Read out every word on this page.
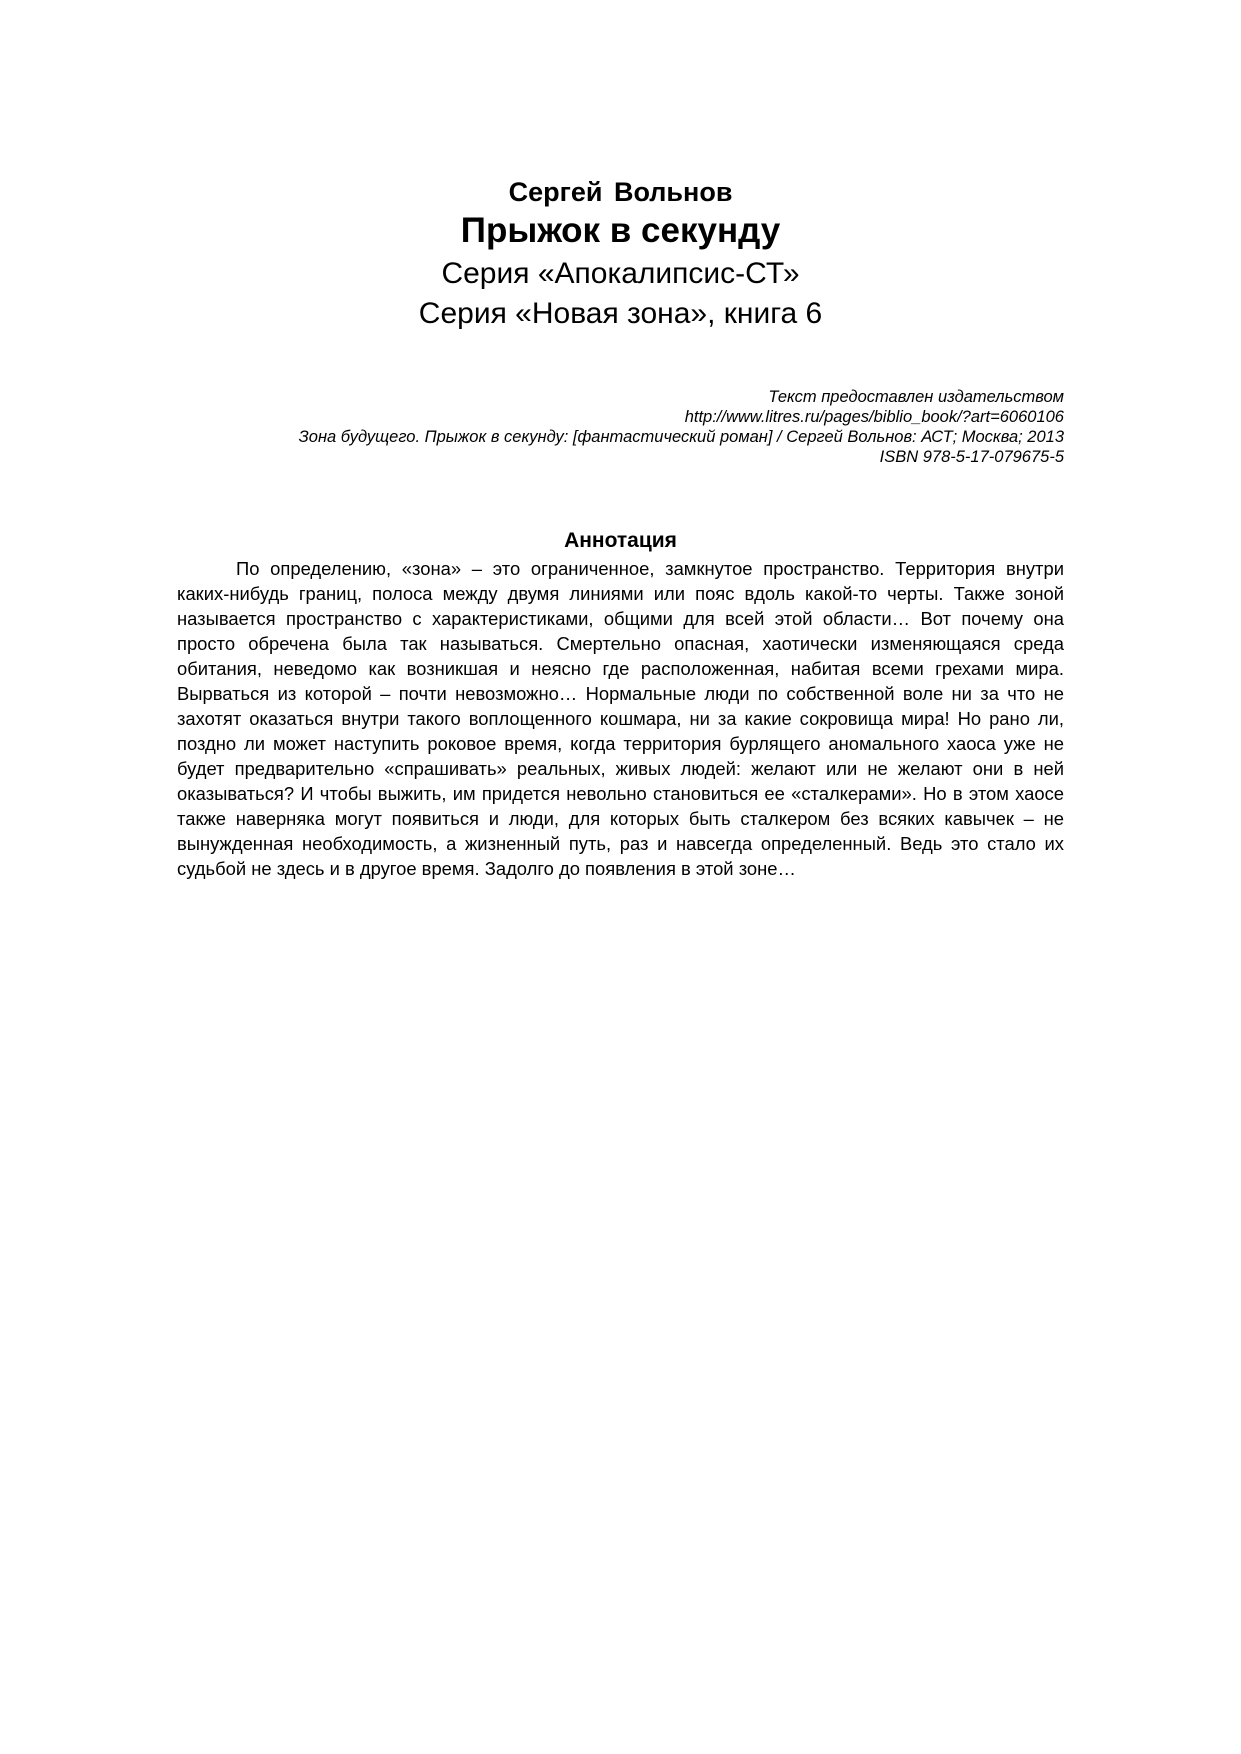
Сергей Вольнов
Прыжок в секунду
Серия «Апокалипсис-СТ»
Серия «Новая зона», книга 6
Текст предоставлен издательством
http://www.litres.ru/pages/biblio_book/?art=6060106
Зона будущего. Прыжок в секунду: [фантастический роман] / Сергей Вольнов: АСТ; Москва; 2013
ISBN 978-5-17-079675-5
Аннотация

По определению, «зона» – это ограниченное, замкнутое пространство. Территория внутри каких-нибудь границ, полоса между двумя линиями или пояс вдоль какой-то черты. Также зоной называется пространство с характеристиками, общими для всей этой области… Вот почему она просто обречена была так называться. Смертельно опасная, хаотически изменяющаяся среда обитания, неведомо как возникшая и неясно где расположенная, набитая всеми грехами мира. Вырваться из которой – почти невозможно… Нормальные люди по собственной воле ни за что не захотят оказаться внутри такого воплощенного кошмара, ни за какие сокровища мира! Но рано ли, поздно ли может наступить роковое время, когда территория бурлящего аномального хаоса уже не будет предварительно «спрашивать» реальных, живых людей: желают или не желают они в ней оказываться? И чтобы выжить, им придется невольно становиться ее «сталкерами». Но в этом хаосе также наверняка могут появиться и люди, для которых быть сталкером без всяких кавычек – не вынужденная необходимость, а жизненный путь, раз и навсегда определенный. Ведь это стало их судьбой не здесь и в другое время. Задолго до появления в этой зоне…
